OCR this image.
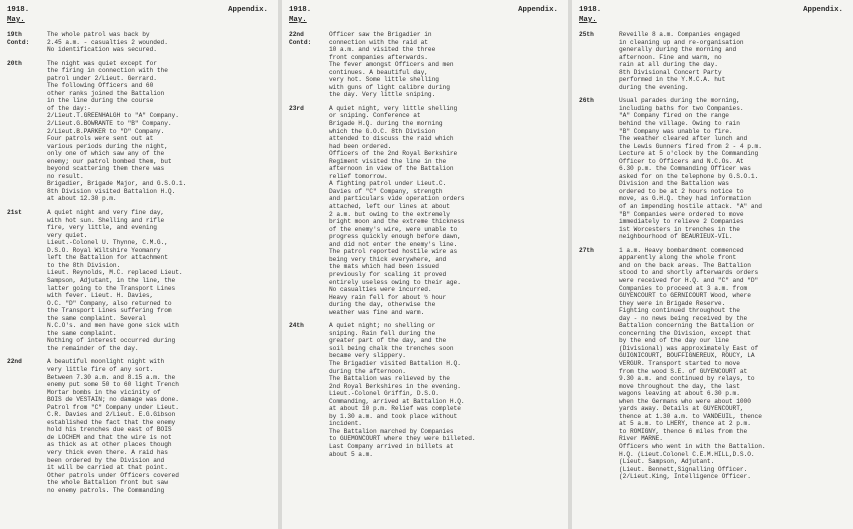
1918.	Appendix.
May.
19th
Contd:
The whole patrol was back by
2.45 a.m. - casualties 2 wounded.
No identification was secured.
20th	The night was quiet except for
the firing in connection with the
patrol under 2/Lieut. Gerrard.
The following Officers and 60
other ranks joined the Battalion
in the line during the course
of the day:-
2/Lieut.T.GREENHALGH to "A" Company.
2/Lieut.G.BOWRANTE to "B" Company.
2/Lieut.B.PARKER to "D" Company.
Four patrols were sent out at
various periods during the night,
only one of which saw any of the
enemy; our patrol bombed them, but
beyond scattering them there was
no result.
Brigadier, Brigade Major, and G.S.O.1.
8th Division visited Battalion H.Q.
at about 12.30 p.m.
21st	A quiet night and very fine day,
with hot sun. Shelling and rifle
fire, very little, and evening
very quiet.
Lieut.-Colonel U. Thynne, C.M.G.,
D.S.O. Royal Wiltshire Yeomanry
left the Battalion for attachment
to the 8th Division.
Lieut. Reynolds, M.C. replaced Lieut.
Sampson, Adjutant, in the line, the
latter going to the Transport Lines
with fever. Lieut. H. Davies,
O.C. "D" Company, also returned to
the Transport Lines suffering from
the same complaint. Several
N.C.O's. and men have gone sick with
the same complaint.
Nothing of interest occurred during
the remainder of the day.
22nd	A beautiful moonlight night with
very little fire of any sort.
Between 7.30 a.m. and 8.15 a.m. the
enemy put some 50 to 60 light Trench
Mortar bombs in the vicinity of
BOIS de VESTAIN; no damage was done.
Patrol from "C" Company under Lieut.
C.R. Davies and 2/Lieut. E.G.Gibson
established the fact that the enemy
hold his trenches due east of BOIS
de LOCHEM and that the wire is not
as thick as at other places though
very thick even there. A raid has
been ordered by the Division and
it will be carried at that point.
Other patrols under Officers covered
the whole Battalion front but saw
no enemy patrols. The Commanding
1918.	Appendix.
May.
22nd
Contd:
Officer saw the Brigadier in
connection with the raid at
10 a.m. and visited the three
front companies afterwards.
The fever amongst Officers and men
continues. A beautiful day,
very hot. Some little shelling
with guns of light calibre during
the day. Very little sniping.
23rd	A quiet night, very little shelling
or sniping. Conference at
Brigade H.Q. during the morning
which the G.O.C. 8th Division
attended to discuss the raid which
had been ordered.
Officers of the 2nd Royal Berkshire
Regiment visited the line in the
afternoon in view of the Battalion
relief tomorrow.
A fighting patrol under Lieut.C.
Davies of "C" Company, strength
and particulars vide operation orders
attached, left our lines at about
2 a.m. but owing to the extremely
bright moon and the extreme thickness
of the enemy's wire, were unable to
progress quickly enough before dawn,
and did not enter the enemy's line.
The patrol reported hostile wire as
being very thick everywhere, and
the mats which had been issued
previously for scaling it proved
entirely useless owing to their age.
No casualties were incurred.
Heavy rain fell for about ½ hour
during the day, otherwise the
weather was fine and warm.
24th	A quiet night; no shelling or
sniping. Rain fell during the
greater part of the day, and the
soil being chalk the trenches soon
became very slippery.
The Brigadier visited Battalion H.Q.
during the afternoon.
The Battalion was relieved by the
2nd Royal Berkshires in the evening.
Lieut.-Colonel Griffin, D.S.O.
Commanding, arrived at Battalion H.Q.
at about 10 p.m. Relief was complete
by 1.30 a.m. and took place without
incident.
The Battalion marched by Companies
to GUEMONCOURT where they were billeted.
Last Company arrived in billets at
about 5 a.m.
1918.	Appendix.
May.
25th	Reveille 8 a.m. Companies engaged
in cleaning up and re-organisation
generally during the morning and
afternoon. Fine and warm, no
rain at all during the day.
8th Divisional Concert Party
performed in the Y.M.C.A. hut
during the evening.
26th	Usual parades during the morning,
including baths for two Companies.
"A" Company fired on the range
behind the village. Owing to rain
"B" Company was unable to fire.
The weather cleared after lunch and
the Lewis Gunners fired from 2 - 4 p.m.
Lecture at 5 o'clock by the Commanding
Officer to Officers and N.C.Os. At
6.30 p.m. the Commanding Officer was
asked for on the telephone by G.S.O.1.
Division and the Battalion was
ordered to be at 2 hours notice to
move, as G.H.Q. they had information
of an impending hostile attack. "A" and
"B" Companies were ordered to move
immediately to relieve 2 Companies
1st Worcesters in trenches in the
neighbourhood of BEAURIEUX-VIL.
27th	1 a.m. Heavy bombardment commenced
apparently along the whole front
and on the back areas. The Battalion
stood to and shortly afterwards orders
were received for H.Q. and "C" and "D"
Companies to proceed at 3 a.m. from
GUYENCOURT to GERNICOURT Wood, where
they were in Brigade Reserve.
Fighting continued throughout the
day - no news being received by the
Battalion concerning the Battalion or
concerning the Division, except that
by the end of the day our line
(Divisional) was approximately East of
GUIGNICOURT, BOUFFIGNEREUX, ROUCY, LA
VERGUR. Transport started to move
from the wood S.E. of GUYENCOURT at
9.30 a.m. and continued by relays, to
move throughout the day, the last
wagons leaving at about 6.30 p.m.
when the Germans who were about 1000
yards away. Details at GUYENCOURT,
thence at 1.30 a.m. to VANDEUIL, thence
at 5 a.m. to LHERY, thence at 2 p.m.
to ROMIGNY, thence 6 miles from the
River MARNE.
Officers who went in with the Battalion.
H.Q. (Lieut.Colonel C.E.M.HILL,D.S.O.
(Lieut. Sampson, Adjutant.
(Lieut. Bennett,Signalling Officer.
(2/Lieut.King, Intelligence Officer.
